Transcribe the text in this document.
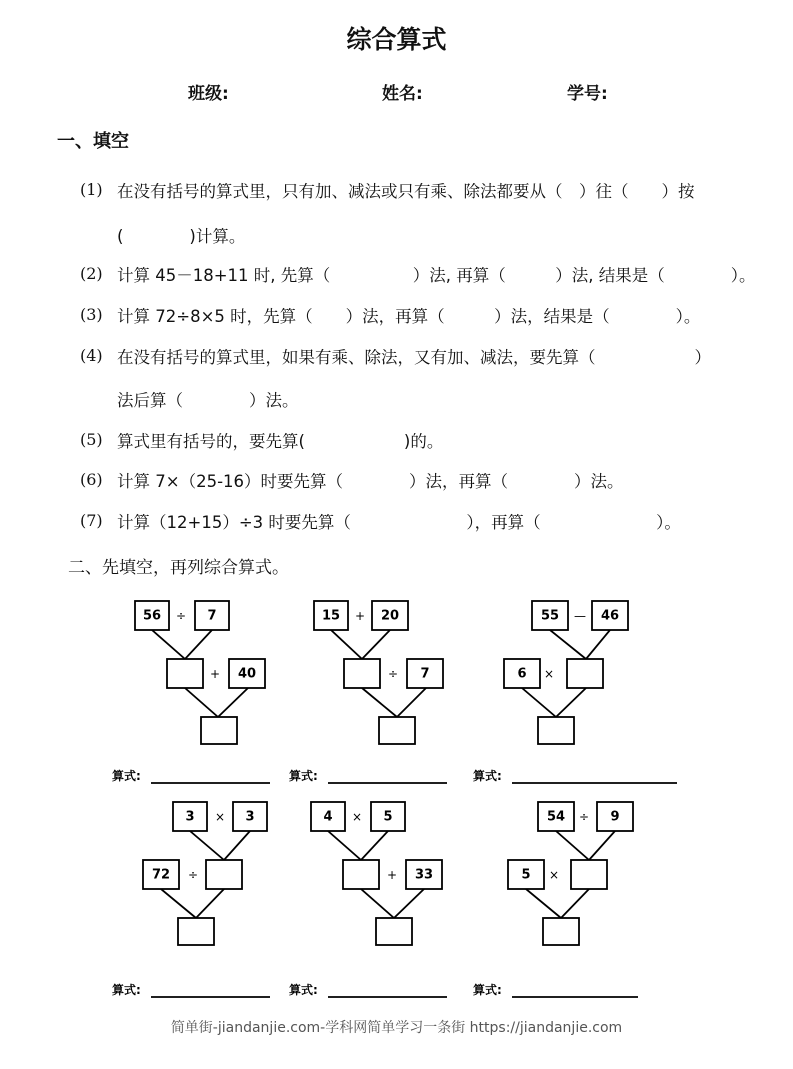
综合算式
班级:	姓名:	学号:
一、填空
(1) 在没有括号的算式里，只有加、减法或只有乘、除法都要从（　）往（　　）按
(　　　　)计算。
(2) 计算 45－18+11 时, 先算（　　　　　）法, 再算（　　　）法, 结果是（　　　　）。
(3) 计算 72÷8×5 时，先算（　　）法，再算（　　　）法，结果是（　　　　）。
(4) 在没有括号的算式里，如果有乘、除法，又有加、减法，要先算（　　　　　　）
法后算（　　　　）法。
(5) 算式里有括号的，要先算(　　　　　　)的。
(6) 计算 7×（25-16）时要先算（　　　　）法，再算（　　　　）法。
(7) 计算（12+15）÷3 时要先算（　　　　　　　），再算（　　　　　　　）。
二、先填空，再列综合算式。
56 ÷ 7
+ 40
15 + 20
÷ 7
55 — 46
6 ×
算式:	算式:	算式:
3 × 3
72 ÷
4 × 5
+ 33
54 ÷ 9
5 ×
算式:	算式:	算式:
简单街-jiandanjie.com-学科网简单学习一条街 https://jiandanjie.com
